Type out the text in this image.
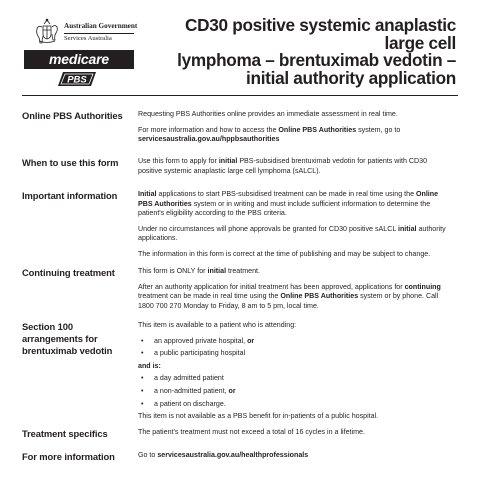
Australian Government
Services Australia
medicare
PBS
CD30 positive systemic anaplastic large cell
lymphoma – brentuximab vedotin –
initial authority application
Online PBS Authorities	Requesting PBS Authorities online provides an immediate assessment in real time.

For more information and how to access the Online PBS Authorities system, go to
servicesaustralia.gov.au/hppbsauthorities

When to use this form	Use this form to apply for initial PBS-subsidised brentuximab vedotin for patients with CD30 positive systemic anaplastic large cell lymphoma (sALCL).

Important information	Initial applications to start PBS-subsidised treatment can be made in real time using the Online PBS Authorities system or in writing and must include sufficient information to determine the patient's eligibility according to the PBS criteria.

Under no circumstances will phone approvals be granted for CD30 positive sALCL initial authority applications.

The information in this form is correct at the time of publishing and may be subject to change.

Continuing treatment	This form is ONLY for initial treatment.

After an authority application for initial treatment has been approved, applications for continuing treatment can be made in real time using the Online PBS Authorities system or by phone. Call 1800 700 270 Monday to Friday, 8 am to 5 pm, local time.

Section 100 arrangements for brentuximab vedotin

This item is available to a patient who is attending:

• an approved private hospital, or
• a public participating hospital
and is:
• a day admitted patient
• a non-admitted patient, or
• a patient on discharge.

This item is not available as a PBS benefit for in-patients of a public hospital.

Treatment specifics	The patient's treatment must not exceed a total of 16 cycles in a lifetime.

For more information	Go to servicesaustralia.gov.au/healthprofessionals
